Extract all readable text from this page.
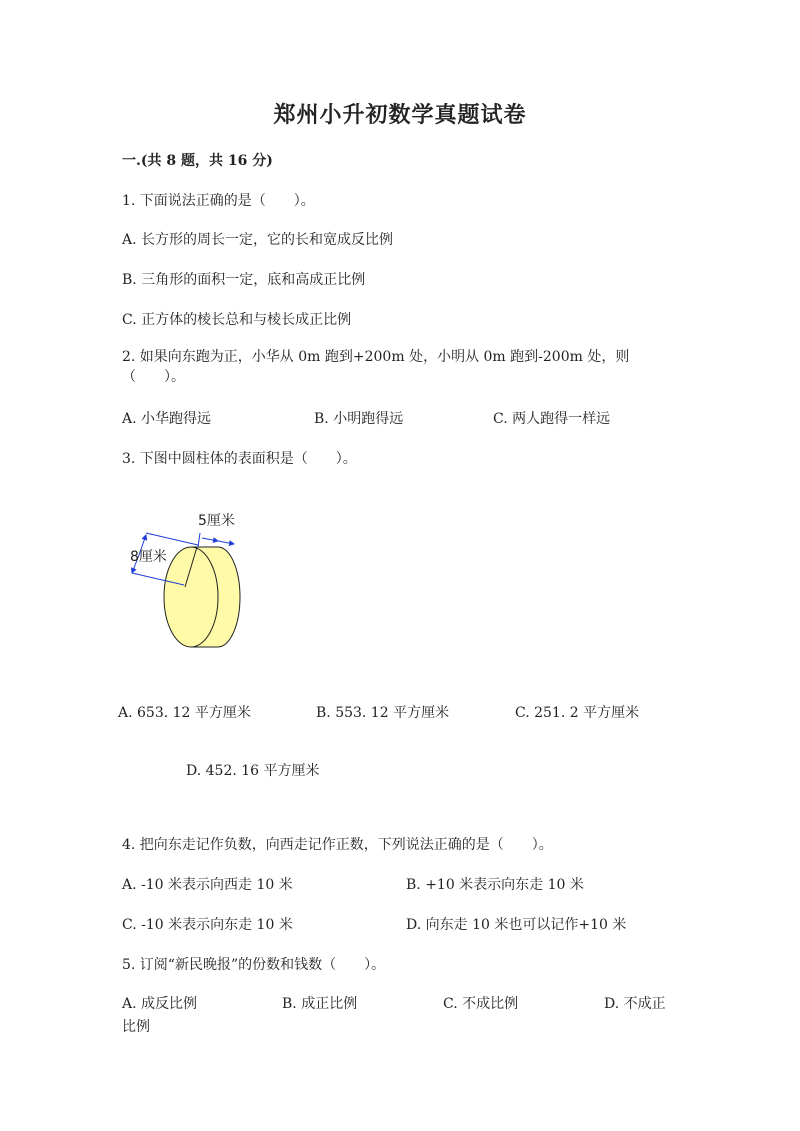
郑州小升初数学真题试卷
一.(共 8 题，共 16 分)
1. 下面说法正确的是（　　）。
A. 长方形的周长一定，它的长和宽成反比例
B. 三角形的面积一定，底和高成正比例
C. 正方体的棱长总和与棱长成正比例
2. 如果向东跑为正，小华从 0m 跑到+200m 处，小明从 0m 跑到-200m 处，则
（　　）。
A. 小华跑得远	B. 小明跑得远	C. 两人跑得一样远
3. 下图中圆柱体的表面积是（　　）。
5厘米
8厘米
A. 653. 12 平方厘米	B. 553. 12 平方厘米	C. 251. 2 平方厘米
D. 452. 16 平方厘米
4. 把向东走记作负数，向西走记作正数，下列说法正确的是（　　）。
A. -10 米表示向西走 10 米	B. +10 米表示向东走 10 米
C. -10 米表示向东走 10 米	D. 向东走 10 米也可以记作+10 米
5. 订阅“新民晚报”的份数和钱数（　　）。
A. 成反比例	B. 成正比例	C. 不成比例	D. 不成正
比例
